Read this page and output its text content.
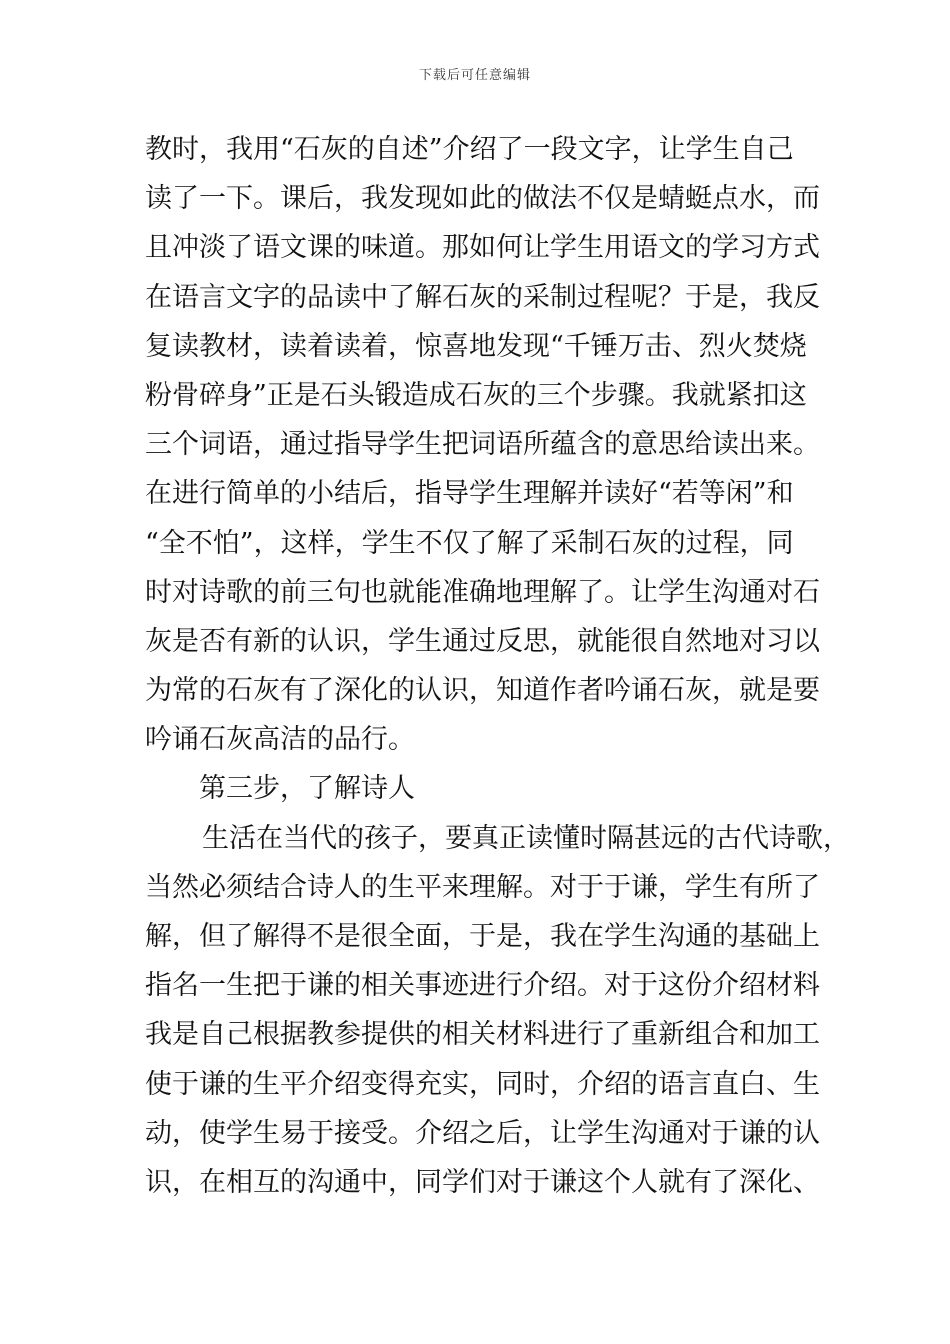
下载后可任意编辑
教时，我用“石灰的自述”介绍了一段文字，让学生自己
读了一下。课后，我发现如此的做法不仅是蜻蜓点水，而
且冲淡了语文课的味道。那如何让学生用语文的学习方式
在语言文字的品读中了解石灰的采制过程呢？于是，我反
复读教材，读着读着，惊喜地发现“千锤万击、烈火焚烧
粉骨碎身”正是石头锻造成石灰的三个步骤。我就紧扣这
三个词语，通过指导学生把词语所蕴含的意思给读出来。
在进行简单的小结后，指导学生理解并读好“若等闲”和
“全不怕”，这样，学生不仅了解了采制石灰的过程，同
时对诗歌的前三句也就能准确地理解了。让学生沟通对石
灰是否有新的认识，学生通过反思，就能很自然地对习以
为常的石灰有了深化的认识，知道作者吟诵石灰，就是要
吟诵石灰高洁的品行。
第三步，了解诗人
生活在当代的孩子，要真正读懂时隔甚远的古代诗歌，
当然必须结合诗人的生平来理解。对于于谦，学生有所了
解，但了解得不是很全面，于是，我在学生沟通的基础上
指名一生把于谦的相关事迹进行介绍。对于这份介绍材料
我是自己根据教参提供的相关材料进行了重新组合和加工
使于谦的生平介绍变得充实，同时，介绍的语言直白、生
动，使学生易于接受。介绍之后，让学生沟通对于谦的认
识，在相互的沟通中，同学们对于谦这个人就有了深化、
